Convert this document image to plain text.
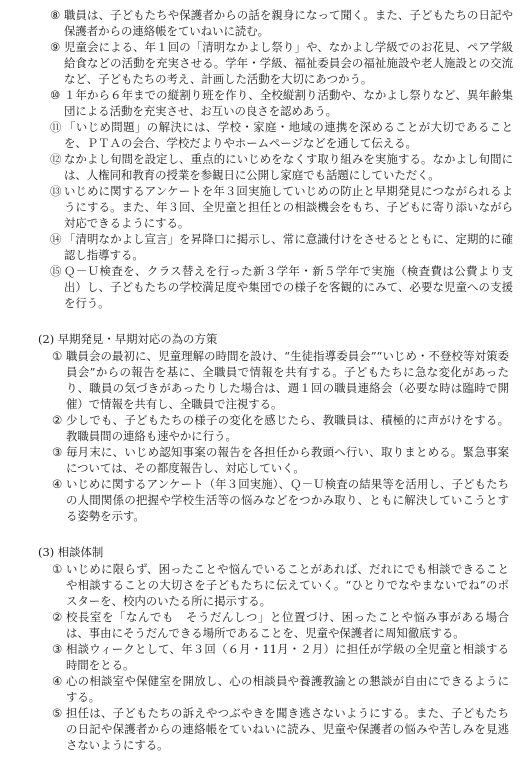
⑧ 職員は、子どもたちや保護者からの話を親身になって聞く。また、子どもたちの日記や保護者からの連絡帳をていねいに読む。
⑨ 児童会による、年１回の「清明なかよし祭り」や、なかよし学級でのお花見、ペア学級給食などの活動を充実させる。学年・学級、福祉委員会の福祉施設や老人施設との交流など、子どもたちの考え、計画した活動を大切にあつかう。
⑩ １年から６年までの縦割り班を作り、全校縦割り活動や、なかよし祭りなど、異年齢集団による活動を充実させ、お互いの良さを認めあう。
⑪ 「いじめ問題」の解決には、学校・家庭・地域の連携を深めることが大切であることを、ＰＴＡの会合、学校だよりやホームページなどを通して伝える。
⑫ なかよし旬間を設定し、重点的にいじめをなくす取り組みを実施する。なかよし旬間には、人権同和教育の授業を参観日に公開し家庭でも話題にしていただく。
⑬ いじめに関するアンケートを年３回実施していじめの防止と早期発見につながられるようにする。また、年３回、全児童と担任との相談機会をもち、子どもに寄り添いながら対応できるようにする。
⑭ 「清明なかよし宣言」を昇降口に掲示し、常に意識付けをさせるとともに、定期的に確認し指導する。
⑮ Ｑ－Ｕ検査を、クラス替えを行った新３学年・新５学年で実施（検査費は公費より支出）し、子どもたちの学校満足度や集団での様子を客観的にみて、必要な児童への支援を行う。
(2) 早期発見・早期対応の為の方策
① 職員会の最初に、児童理解の時間を設け、“生徒指導委員会”“いじめ・不登校等対策委員会”からの報告を基に、全職員で情報を共有する。子どもたちに急な変化があったり、職員の気づきがあったりした場合は、週１回の職員連絡会（必要な時は臨時で開催）で情報を共有し、全職員で注視する。
② 少しでも、子どもたちの様子の変化を感じたら、教職員は、積極的に声がけをする。教職員間の連絡も速やかに行う。
③ 毎月末に、いじめ認知事案の報告を各担任から教頭へ行い、取りまとめる。緊急事案については、その都度報告し、対応していく。
④ いじめに関するアンケート（年３回実施）、Ｑ－Ｕ検査の結果等を活用し、子どもたちの人間関係の把握や学校生活等の悩みなどをつかみ取り、ともに解決していこうとする姿勢を示す。
(3) 相談体制
① いじめに限らず、困ったことや悩んでいることがあれば、だれにでも相談できることや相談することの大切さを子どもたちに伝えていく。“ひとりでなやまないでね”のポスターを、校内のいたる所に掲示する。
② 校長室を「なんでも　そうだんしつ」と位置づけ、困ったことや悩み事がある場合は、事由にそうだんできる場所であることを、児童や保護者に周知徹底する。
③ 相談ウィークとして、年３回（６月・11月・２月）に担任が学級の全児童と相談する時間をとる。
④ 心の相談室や保健室を開放し、心の相談員や養護教諭との懇談が自由にできるようにする。
⑤ 担任は、子どもたちの訴えやつぶやきを聞き逃さないようにする。また、子どもたちの日記や保護者からの連絡帳をていねいに読み、児童や保護者の悩みや苦しみを見逃さないようにする。
